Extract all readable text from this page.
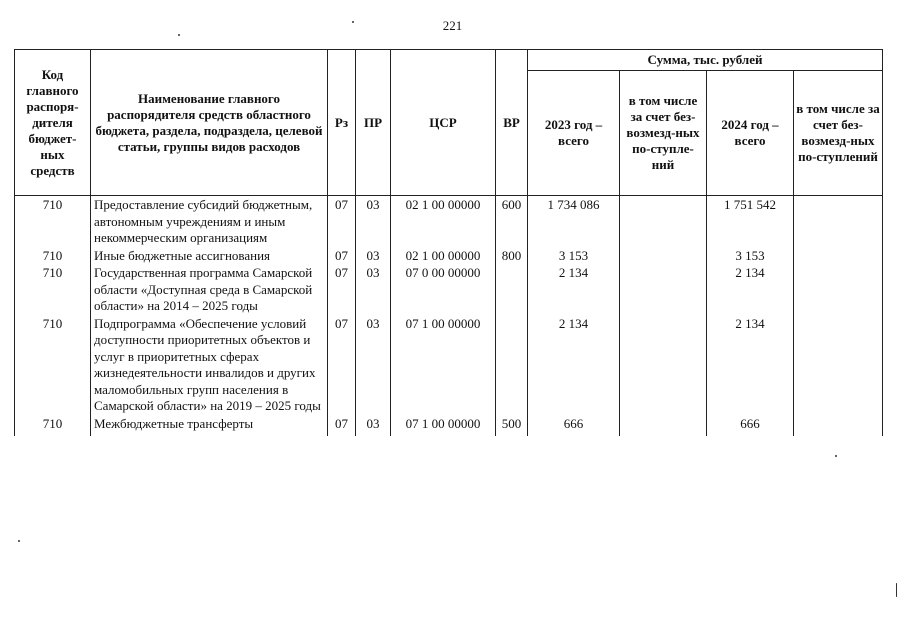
221
Код главного распоря-дителя бюджет-ных средств	Наименование главного распорядителя средств областного бюджета, раздела, подраздела, целевой статьи, группы видов расходов	Рз	ПР	ЦСР	ВР	Сумма, тыс. рублей			
						2023 год – всего	в том числе за счет без-возмезд-ных по-ступле-ний	2024 год – всего	в том числе за счет без-возмезд-ных по-ступлений
710	Предоставление субсидий бюджетным, автономным учреждениям и иным некоммерческим организациям	07	03	02 1 00 00000	600	1 734 086		1 751 542	
710	Иные бюджетные ассигнования	07	03	02 1 00 00000	800	3 153		3 153	
710	Государственная программа Самарской области «Доступная среда в Самарской области» на 2014 – 2025 годы	07	03	07 0 00 00000		2 134		2 134	
710	Подпрограмма «Обеспечение условий доступности приоритетных объектов и услуг в приоритетных сферах жизнедеятельности инвалидов и других маломобильных групп населения в Самарской области» на 2019 – 2025 годы	07	03	07 1 00 00000		2 134		2 134	
710	Межбюджетные трансферты	07	03	07 1 00 00000	500	666		666	
